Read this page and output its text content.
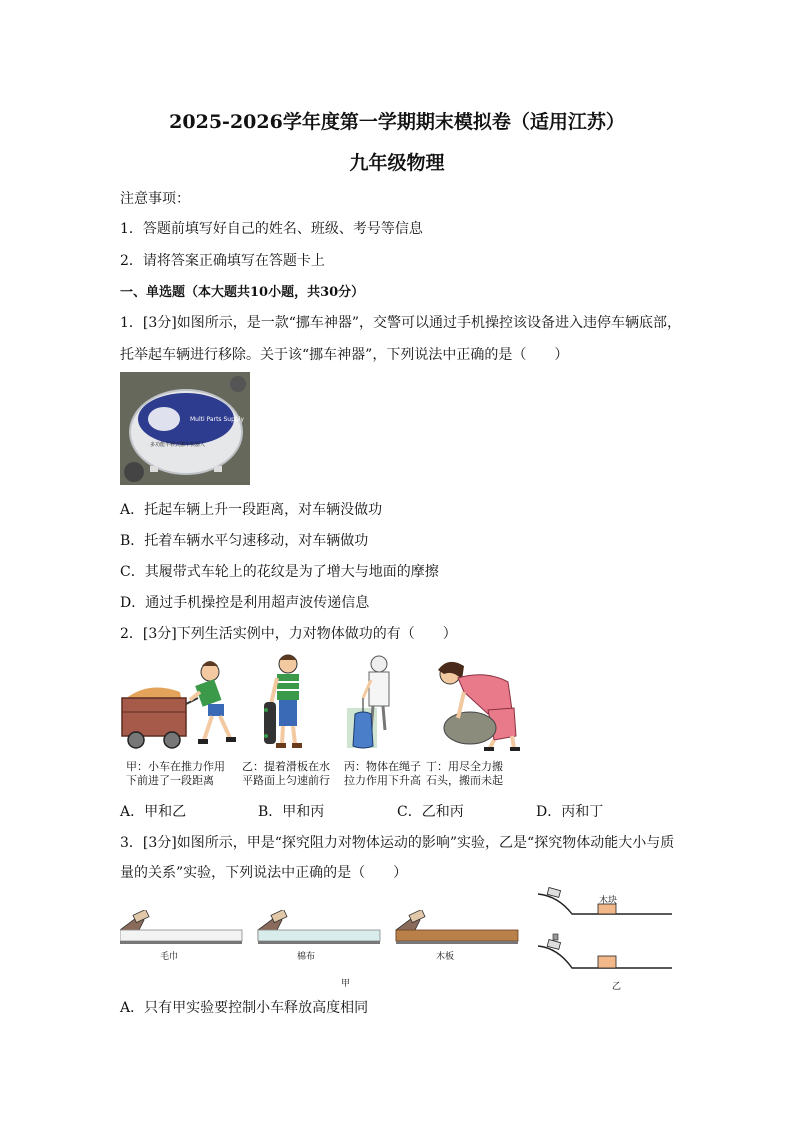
2025-2026学年度第一学期期末模拟卷（适用江苏）
九年级物理
注意事项：
1．答题前填写好自己的姓名、班级、考号等信息
2．请将答案正确填写在答题卡上
一、单选题（本大题共10小题，共30分）
1．[3分]如图所示，是一款“挪车神器”，交警可以通过手机操控该设备进入违停车辆底部，
托举起车辆进行移除。关于该“挪车神器”，下列说法中正确的是（　　）
Multi Parts Supply
多功能平移式挪车机器人
A．托起车辆上升一段距离，对车辆没做功
B．托着车辆水平匀速移动，对车辆做功
C．其履带式车轮上的花纹是为了增大与地面的摩擦
D．通过手机操控是利用超声波传递信息
2．[3分]下列生活实例中，力对物体做功的有（　　）
甲：小车在推力作用
下前进了一段距离
乙：提着滑板在水
平路面上匀速前行
丙：物体在绳子
拉力作用下升高
丁：用尽全力搬
石头，搬而未起
A．甲和乙	B．甲和丙	C．乙和丙	D．丙和丁
3．[3分]如图所示，甲是“探究阻力对物体运动的影响”实验，乙是“探究物体动能大小与质
量的关系”实验，下列说法中正确的是（　　）
毛巾	棉布	木板
甲
木块
乙
A．只有甲实验要控制小车释放高度相同
